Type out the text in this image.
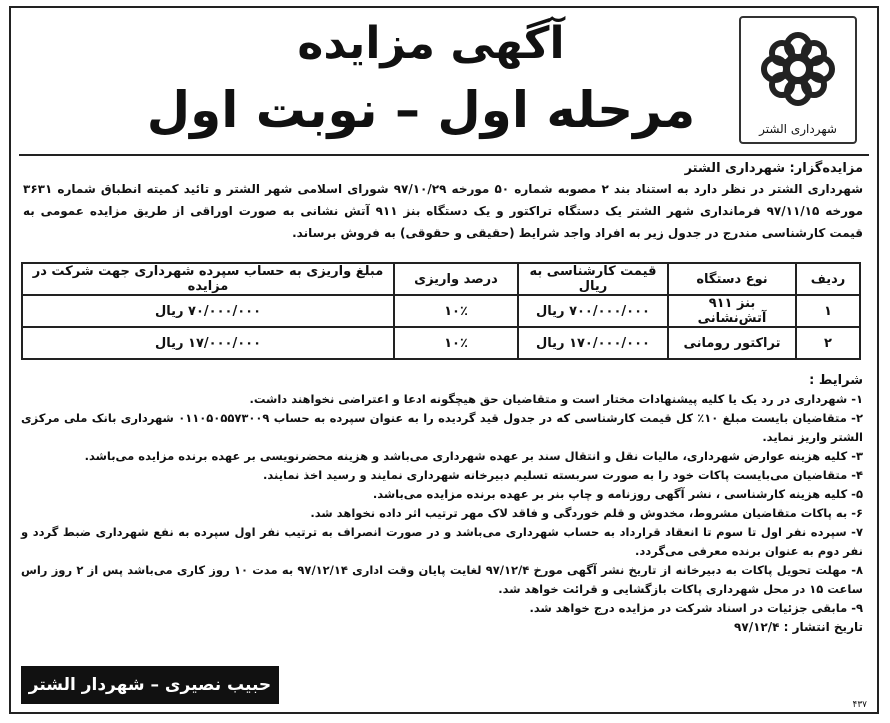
آگهی مزایده
مرحله اول – نوبت اول	شهرداری الشتر
مزایده‌گزار: شهرداری الشتر

شهرداری الشتر در نظر دارد به استناد بند ۲ مصوبه شماره ۵۰ مورخه ۹۷/۱۰/۲۹ شورای اسلامی شهر الشتر و تائید کمیته انطباق شماره ۳۶۳۱ مورخه ۹۷/۱۱/۱۵ فرمانداری شهر الشتر یک دستگاه تراکتور و یک دستگاه بنز ۹۱۱ آتش نشانی به صورت اوراقی از طریق مزایده عمومی به قیمت کارشناسی مندرج در جدول زیر به افراد واجد شرایط (حقیقی و حقوقی) به فروش برساند.

ردیف	نوع دستگاه	قیمت کارشناسی به ریال	درصد واریزی	مبلغ واریزی به حساب سپرده شهرداری جهت شرکت در مزایده
۱	بنز ۹۱۱ آتش‌نشانی	۷۰۰/۰۰۰/۰۰۰ ریال	۱۰٪	۷۰/۰۰۰/۰۰۰ ریال
۲	تراکتور رومانی	۱۷۰/۰۰۰/۰۰۰ ریال	۱۰٪	۱۷/۰۰۰/۰۰۰ ریال
شرایط :

۱- شهرداری در رد یک یا کلیه پیشنهادات مختار است و متقاضیان حق هیچگونه ادعا و اعتراضی نخواهند داشت.

۲- متقاضیان بایست مبلغ ۱۰٪ کل قیمت کارشناسی که در جدول قید گردیده را به عنوان سپرده به حساب ۰۱۱۰۵۰۵۵۷۳۰۰۹ شهرداری بانک ملی مرکزی الشتر واریز نماید.

۳- کلیه هزینه عوارض شهرداری، مالیات نقل و انتقال سند بر عهده شهرداری می‌باشد و هزینه محضرنویسی بر عهده برنده مزایده می‌باشد.

۴- متقاضیان می‌بایست پاکات خود را به صورت سربسته تسلیم دبیرخانه شهرداری نمایند و رسید اخذ نمایند.

۵- کلیه هزینه کارشناسی ، نشر آگهی روزنامه و چاپ بنر بر عهده برنده مزایده می‌باشد.

۶- به پاکات متقاضیان مشروط، مخدوش و قلم خوردگی و فاقد لاک مهر ترتیب اثر داده نخواهد شد.

۷- سپرده نفر اول تا سوم تا انعقاد قرارداد به حساب شهرداری می‌باشد و در صورت انصراف به ترتیب نفر اول سپرده به نفع شهرداری ضبط گردد و نفر دوم به عنوان برنده معرفی می‌گردد.

۸- مهلت تحویل پاکات به دبیرخانه از تاریخ نشر آگهی مورخ ۹۷/۱۲/۴ لغایت پایان وقت اداری ۹۷/۱۲/۱۴ به مدت ۱۰ روز کاری می‌باشد پس از ۲ روز راس ساعت ۱۵ در محل شهرداری پاکات بازگشایی و قرائت خواهد شد.

۹- مابقی جزئیات در اسناد شرکت در مزایده درج خواهد شد.

تاریخ انتشار : ۹۷/۱۲/۴
حبیب نصیری – شهردار الشتر
۴۳۷
